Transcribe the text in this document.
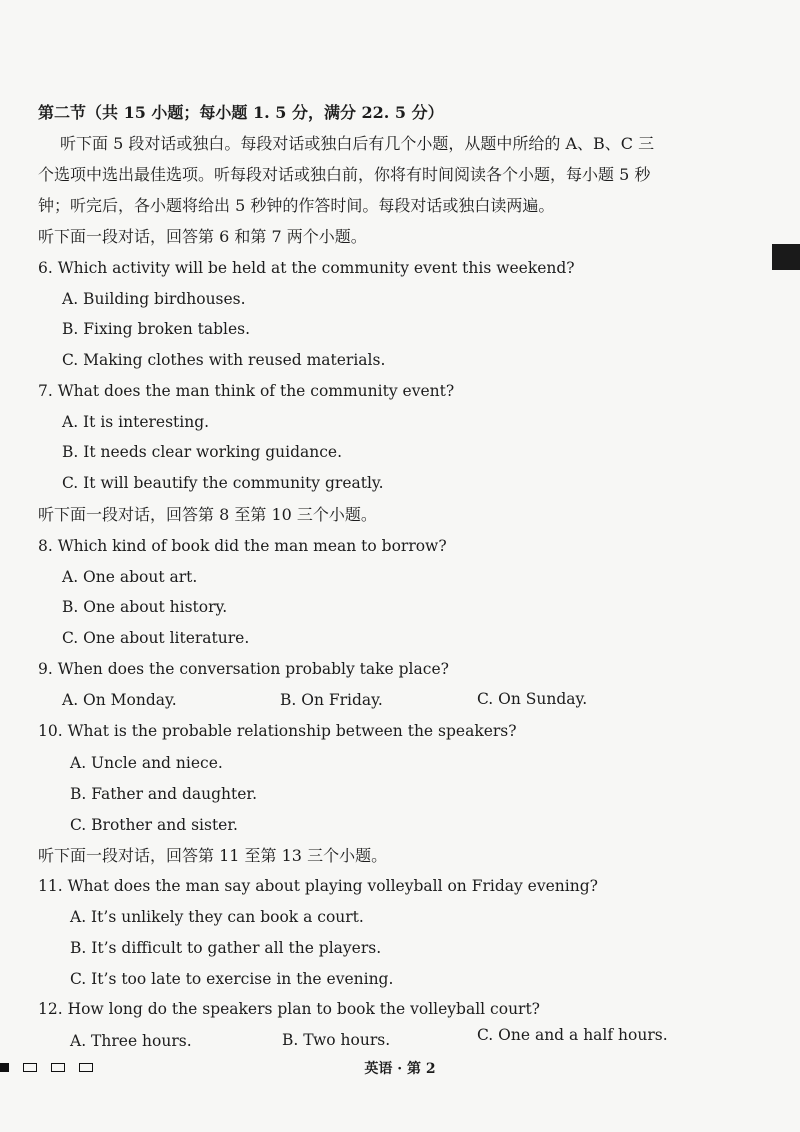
第二节（共 15 小题；每小题 1. 5 分，满分 22. 5 分）
听下面 5 段对话或独白。每段对话或独白后有几个小题，从题中所给的 A、B、C 三
个选项中选出最佳选项。听每段对话或独白前，你将有时间阅读各个小题，每小题 5 秒
钟；听完后，各小题将给出 5 秒钟的作答时间。每段对话或独白读两遍。
听下面一段对话，回答第 6 和第 7 两个小题。
6. Which activity will be held at the community event this weekend?
A. Building birdhouses.
B. Fixing broken tables.
C. Making clothes with reused materials.
7. What does the man think of the community event?
A. It is interesting.
B. It needs clear working guidance.
C. It will beautify the community greatly.
听下面一段对话，回答第 8 至第 10 三个小题。
8. Which kind of book did the man mean to borrow?
A. One about art.
B. One about history.
C. One about literature.
9. When does the conversation probably take place?
A. On Monday.	B. On Friday.	C. On Sunday.
10. What is the probable relationship between the speakers?
A. Uncle and niece.
B. Father and daughter.
C. Brother and sister.
听下面一段对话，回答第 11 至第 13 三个小题。
11. What does the man say about playing volleyball on Friday evening?
A. It’s unlikely they can book a court.
B. It’s difficult to gather all the players.
C. It’s too late to exercise in the evening.
12. How long do the speakers plan to book the volleyball court?
A. Three hours.	B. Two hours.	C. One and a half hours.
英语 · 第 2
